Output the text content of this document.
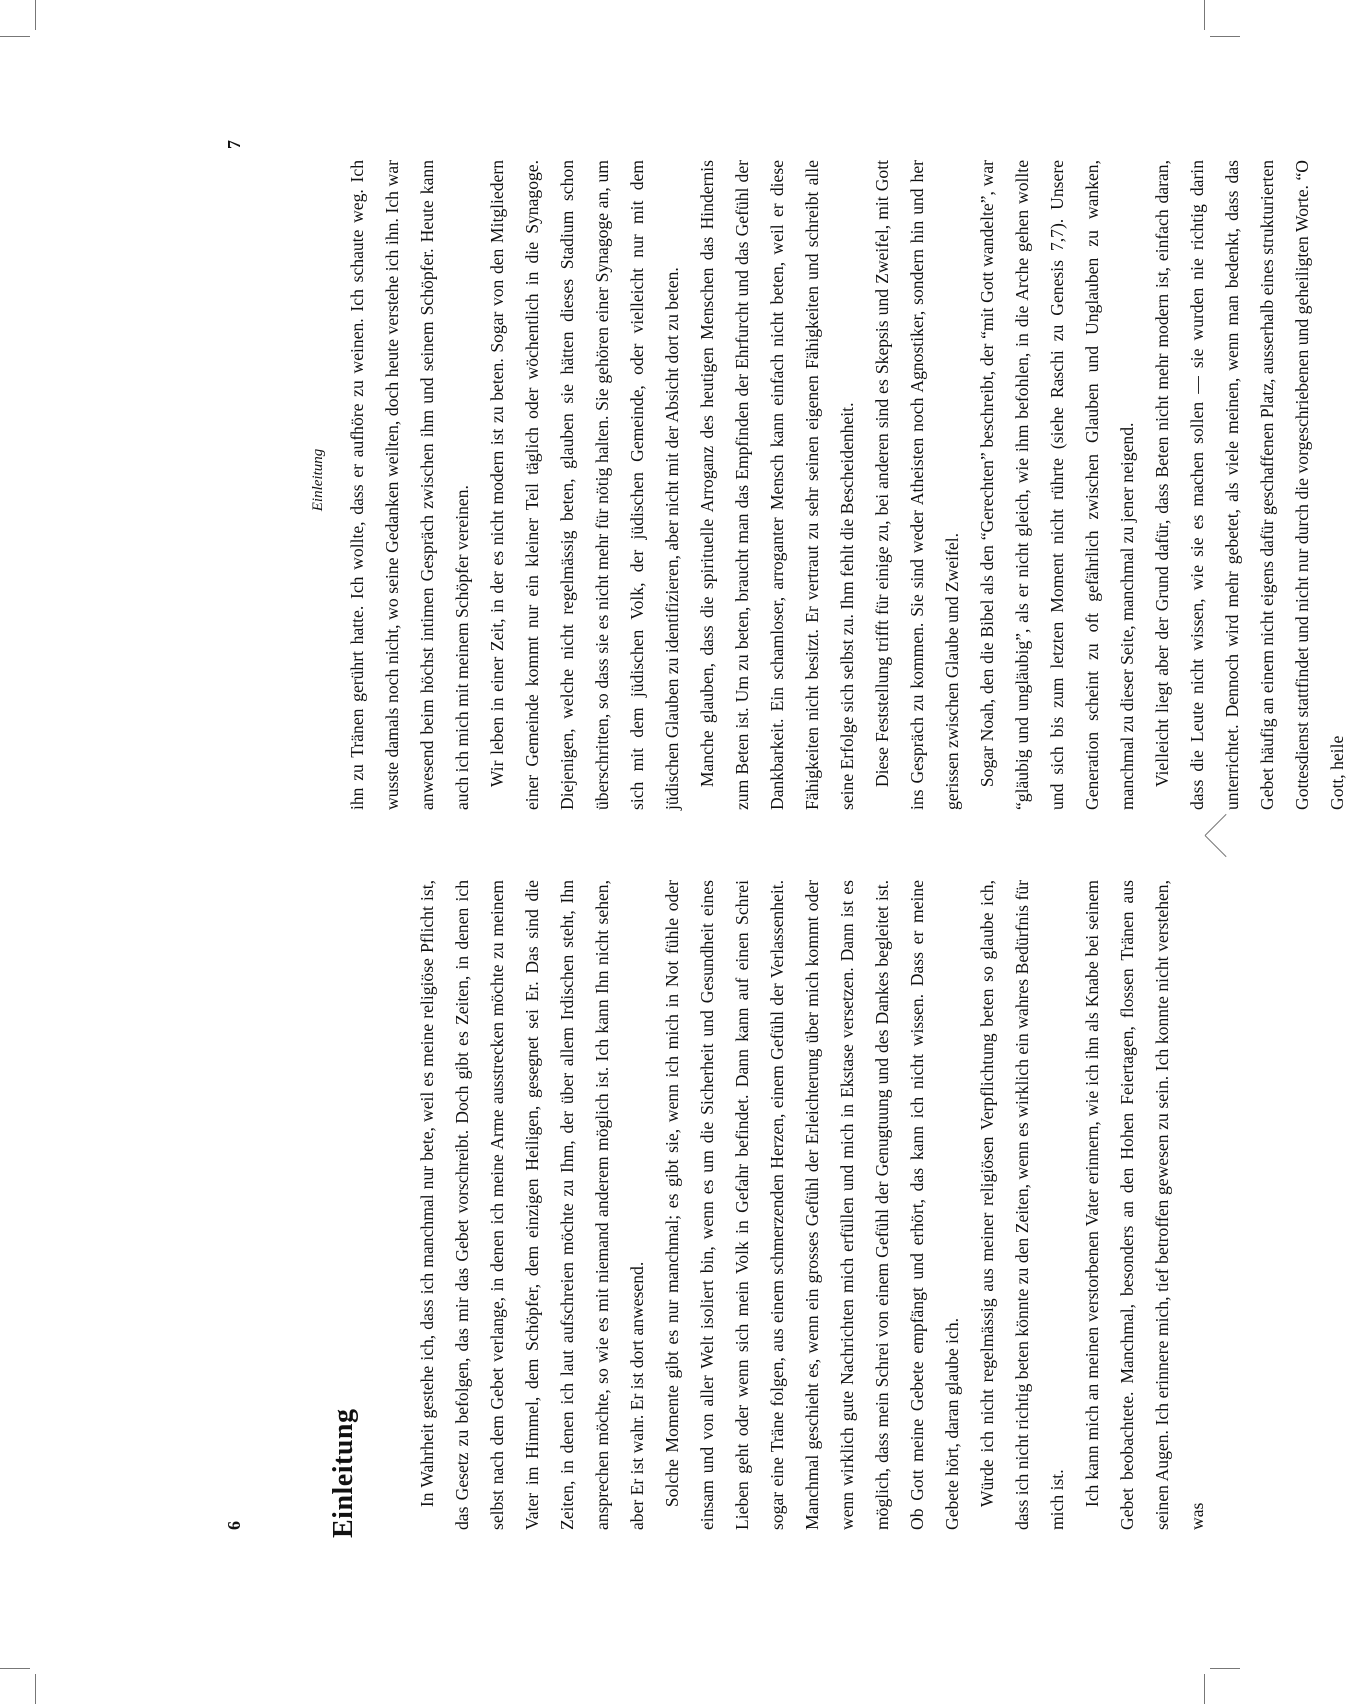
Einleitung	In Wahrheit gestehe ich, dass ich manchmal nur bete, weil es meine religiöse Pflicht ist, das Gesetz zu befolgen, das mir das Gebet vorschreibt. Doch gibt es Zeiten, in denen ich selbst nach dem Gebet verlange, in denen ich meine Arme ausstrecken möchte zu meinem Vater im Himmel, dem Schöpfer, dem einzigen Heiligen, gesegnet sei Er. Das sind die Zeiten, in denen ich laut aufschreien möchte zu Ihm, der über allem Irdischen steht, Ihn ansprechen möchte, so wie es mit niemand anderem möglich ist. Ich kann Ihn nicht sehen, aber Er ist wahr. Er ist dort anwesend. Solche Momente gibt es nur manchmal; es gibt sie, wenn ich mich in Not fühle oder einsam und von aller Welt isoliert bin, wenn es um die Sicherheit und Gesundheit eines Lieben geht oder wenn sich mein Volk in Gefahr befindet. Dann kann auf einen Schrei sogar eine Träne folgen, aus einem schmerzenden Herzen, einem Gefühl der Verlassenheit. Manchmal geschieht es, wenn ein grosses Gefühl der Erleichterung über mich kommt oder wenn wirklich gute Nachrichten mich erfüllen und mich in Ekstase versetzen. Dann ist es möglich, dass mein Schrei von einem Gefühl der Genugtuung und des Dankes begleitet ist. Ob Gott meine Gebete empfängt und erhört, das kann ich nicht wissen. Dass er meine Gebete hört, daran glaube ich. Würde ich nicht regelmässig aus meiner religiösen Verpflichtung beten so glaube ich, dass ich nicht richtig beten könnte zu den Zeiten, wenn es wirklich ein wahres Bedürfnis für mich ist. Ich kann mich an meinen verstorbenen Vater erinnern, wie ich ihn als Knabe bei seinem Gebet beobachtete. Manchmal, besonders an den Hohen Feiertagen, flossen Tränen aus seinen Augen. Ich erinnere mich, tief betroffen gewesen zu sein. Ich konnte nicht verstehen, was

6
Einleitung	ihn zu Tränen gerührt hatte. Ich wollte, dass er aufhöre zu weinen. Ich schaute weg. Ich wusste damals noch nicht, wo seine Gedanken weilten, doch heute verstehe ich ihn. Ich war anwesend beim höchst intimen Gespräch zwischen ihm und seinem Schöpfer. Heute kann auch ich mich mit meinem Schöpfer vereinen. Wir leben in einer Zeit, in der es nicht modern ist zu beten. Sogar von den Mitgliedern einer Gemeinde kommt nur ein kleiner Teil täglich oder wöchentlich in die Synagoge. Diejenigen, welche nicht regelmässig beten, glauben sie hätten dieses Stadium schon überschritten, so dass sie es nicht mehr für nötig halten. Sie gehören einer Synagoge an, um sich mit dem jüdischen Volk, der jüdischen Gemeinde, oder vielleicht nur mit dem jüdischen Glauben zu identifizieren, aber nicht mit der Absicht dort zu beten. Manche glauben, dass die spirituelle Arroganz des heutigen Menschen das Hindernis zum Beten ist. Um zu beten, braucht man das Empfinden der Ehrfurcht und das Gefühl der Dankbarkeit. Ein schamloser, arroganter Mensch kann einfach nicht beten, weil er diese Fähigkeiten nicht besitzt. Er vertraut zu sehr seinen eigenen Fähigkeiten und schreibt alle seine Erfolge sich selbst zu. Ihm fehlt die Bescheidenheit. Diese Feststellung trifft für einige zu, bei anderen sind es Skepsis und Zweifel, mit Gott ins Gespräch zu kommen. Sie sind weder Atheisten noch Agnostiker, sondern hin und her gerissen zwischen Glaube und Zweifel. Sogar Noah, den die Bibel als den “Gerechten” beschreibt, der “mit Gott wandelte”, war “gläubig und ungläubig”, als er nicht gleich, wie ihm befohlen, in die Arche gehen wollte und sich bis zum letzten Moment nicht rührte (siehe Raschi zu Genesis 7,7). Unsere Generation scheint zu oft gefährlich zwischen Glauben und Unglauben zu wanken, manchmal zu dieser Seite, manchmal zu jener neigend. Vielleicht liegt aber der Grund dafür, dass Beten nicht mehr modern ist, einfach daran, dass die Leute nicht wissen, wie sie es machen sollen — sie wurden nie richtig darin unterrichtet. Dennoch wird mehr gebetet, als viele meinen, wenn man bedenkt, dass das Gebet häufig an einem nicht eigens dafür geschaffenen Platz, ausserhalb eines strukturierten Gottesdienst stattfindet und nicht nur durch die vorgeschriebenen und geheiligten Worte. “O Gott, heile

7
